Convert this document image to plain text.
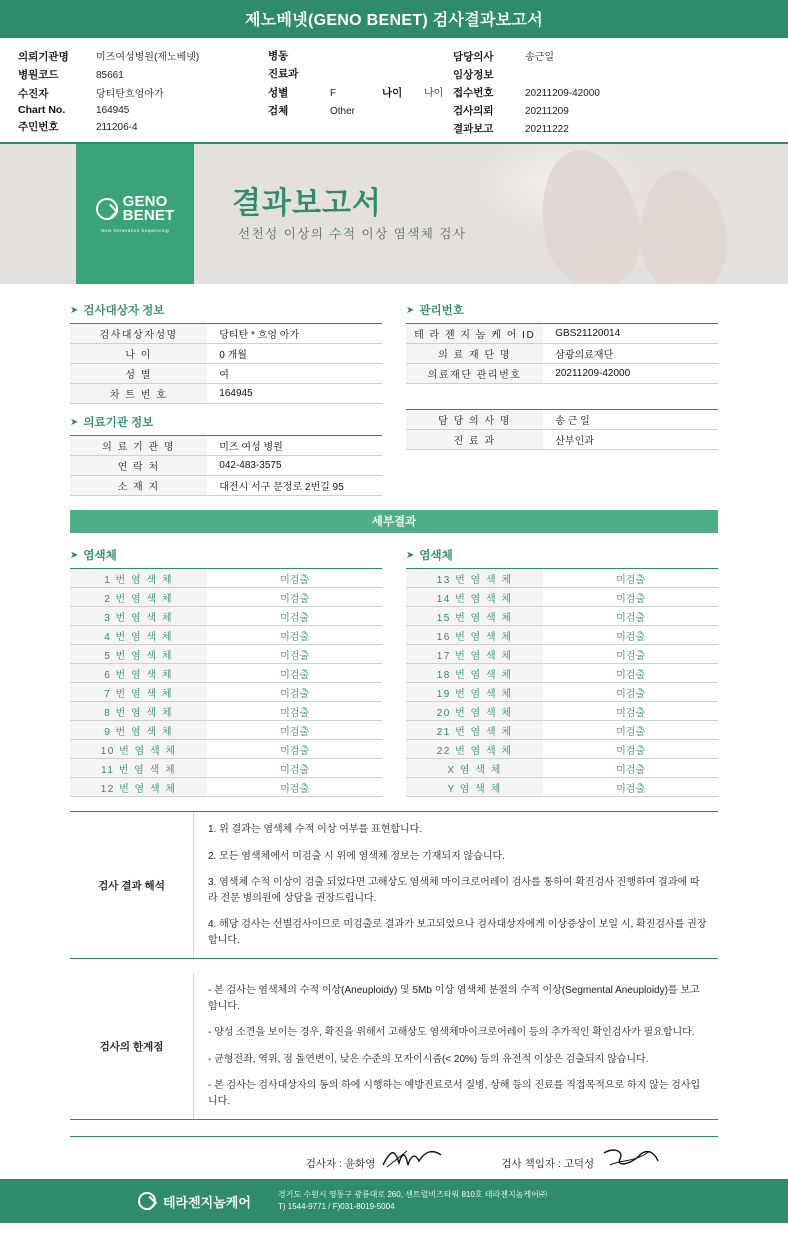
제노베넷(GENO BENET) 검사결과보고서
의뢰기관명	미즈여성병원(제노베넷)
병원코드	85661
수진자	당티탄흐엉아가
Chart No.	164945
주민번호	211206-4
병동
진료과
성별	F	나이	나이
검체	Other
담당의사	송근일
임상정보
접수번호	20211209-42000
검사의뢰	20211209
결과보고	20211222
GENO
BENET
Next Generation Sequencing
결과보고서
선천성 이상의 수적 이상 염색체 검사
➤ 검사대상자 정보
검사대상자성명	당티탄 * 흐엉 아가
나 이	0 개월
성 별	여
차 트 번 호	164945
➤ 의료기관 정보
의 료 기 관 명	미즈 여성 병원
연 락 처	042-483-3575
소 재 지	대전시 서구 문정로 2번길 95
➤ 관리번호
테 라 젠 지 놈 케 어 ID	GBS21120014
의 료 재 단 명	삼광의료재단
의료재단 관리번호	20211209-42000
담 당 의 사 명	송 근 일
진 료 과	산부인과
세부결과
➤ 염색체
1 번 염 색 체	미검출
2 번 염 색 체	미검출
3 번 염 색 체	미검출
4 번 염 색 체	미검출
5 번 염 색 체	미검출
6 번 염 색 체	미검출
7 번 염 색 체	미검출
8 번 염 색 체	미검출
9 번 염 색 체	미검출
10 번 염 색 체	미검출
11 번 염 색 체	미검출
12 번 염 색 체	미검출
➤ 염색체
13 번 염 색 체	미검출
14 번 염 색 체	미검출
15 번 염 색 체	미검출
16 번 염 색 체	미검출
17 번 염 색 체	미검출
18 번 염 색 체	미검출
19 번 염 색 체	미검출
20 번 염 색 체	미검출
21 번 염 색 체	미검출
22 번 염 색 체	미검출
X 염 색 체	미검출
Y 염 색 체	미검출
검사 결과 해석

1. 위 결과는 염색체 수적 이상 여부를 표현합니다.

2. 모든 염색체에서 미검출 시 위에 염색체 정보는 기재되지 않습니다.

3. 염색체 수적 이상이 검출 되었다면 고해상도 염색체 마이크로어레이 검사를 통하여 확진검사 진행하여 결과에 따라 전문 병의원에 상담을 권장드립니다.

4. 해당 검사는 선별검사이므로 미검출로 결과가 보고되었으나 검사대상자에게 이상증상이 보일 시, 확진검사를 권장합니다.

검사의 한계점

- 본 검사는 염색체의 수적 이상(Aneuploidy) 및 5Mb 이상 염색체 분절의 수적 이상(Segmental Aneuploidy)를 보고합니다.

- 양성 소견을 보이는 경우, 확진을 위해서 고해상도 염색체마이크로어레이 등의 추가적인 확인검사가 필요합니다.

- 균형전좌, 역위, 점 돌연변이, 낮은 수준의 모자이시즘(< 20%) 등의 유전적 이상은 검출되지 않습니다.

- 본 검사는 검사대상자의 동의 하에 시행하는 예방진료로서 질병, 상해 등의 진료를 직접목적으로 하지 않는 검사입니다.

검사자 : 윤화영	검사 책임자 : 고덕성
테라젠지놈케어	경기도 수원시 영통구 광룡대로 260, 센트럴비즈타워 810호 테라젠지놈케어㈜
T) 1544-9771 / F)031-8019-5004
